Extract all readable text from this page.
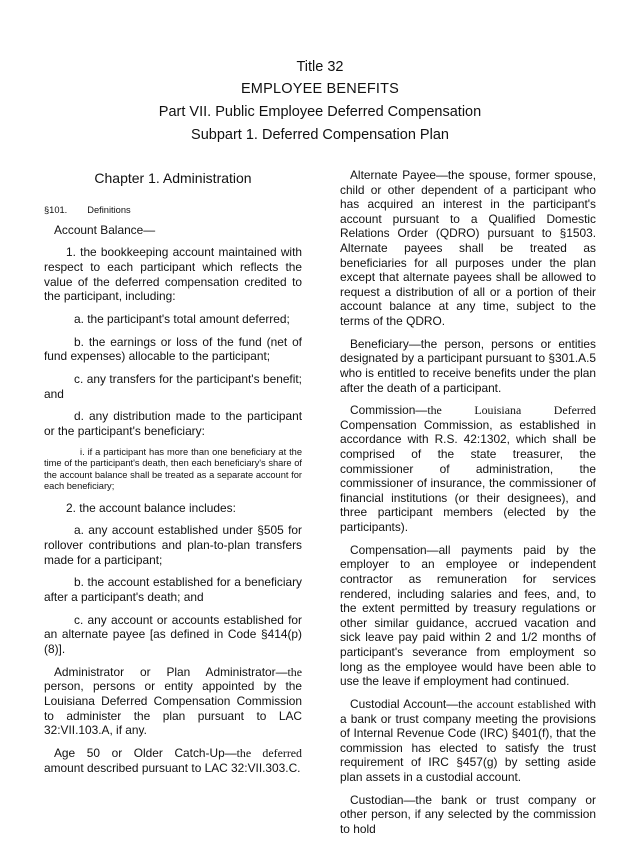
Title 32
EMPLOYEE BENEFITS
Part VII. Public Employee Deferred Compensation
Subpart 1. Deferred Compensation Plan
Chapter 1. Administration
§101. Definitions

Account Balance—

1. the bookkeeping account maintained with respect to each participant which reflects the value of the deferred compensation credited to the participant, including:

a. the participant's total amount deferred;

b. the earnings or loss of the fund (net of fund expenses) allocable to the participant;

c. any transfers for the participant's benefit; and

d. any distribution made to the participant or the participant's beneficiary:

i. if a participant has more than one beneficiary at the time of the participant's death, then each beneficiary's share of the account balance shall be treated as a separate account for each beneficiary;

2. the account balance includes:

a. any account established under §505 for rollover contributions and plan-to-plan transfers made for a participant;

b. the account established for a beneficiary after a participant's death; and

c. any account or accounts established for an alternate payee [as defined in Code §414(p)(8)].

Administrator or Plan Administrator—the person, persons or entity appointed by the Louisiana Deferred Compensation Commission to administer the plan pursuant to LAC 32:VII.103.A, if any.

Age 50 or Older Catch-Up—the deferred amount described pursuant to LAC 32:VII.303.C.

Alternate Payee—the spouse, former spouse, child or other dependent of a participant who has acquired an interest in the participant's account pursuant to a Qualified Domestic Relations Order (QDRO) pursuant to §1503. Alternate payees shall be treated as beneficiaries for all purposes under the plan except that alternate payees shall be allowed to request a distribution of all or a portion of their account balance at any time, subject to the terms of the QDRO.

Beneficiary—the person, persons or entities designated by a participant pursuant to §301.A.5 who is entitled to receive benefits under the plan after the death of a participant.

Commission—the Louisiana Deferred Compensation Commission, as established in accordance with R.S. 42:1302, which shall be comprised of the state treasurer, the commissioner of administration, the commissioner of insurance, the commissioner of financial institutions (or their designees), and three participant members (elected by the participants).

Compensation—all payments paid by the employer to an employee or independent contractor as remuneration for services rendered, including salaries and fees, and, to the extent permitted by treasury regulations or other similar guidance, accrued vacation and sick leave pay paid within 2 and 1/2 months of participant's severance from employment so long as the employee would have been able to use the leave if employment had continued.

Custodial Account—the account established with a bank or trust company meeting the provisions of Internal Revenue Code (IRC) §401(f), that the commission has elected to satisfy the trust requirement of IRC §457(g) by setting aside plan assets in a custodial account.

Custodian—the bank or trust company or other person, if any selected by the commission to hold
